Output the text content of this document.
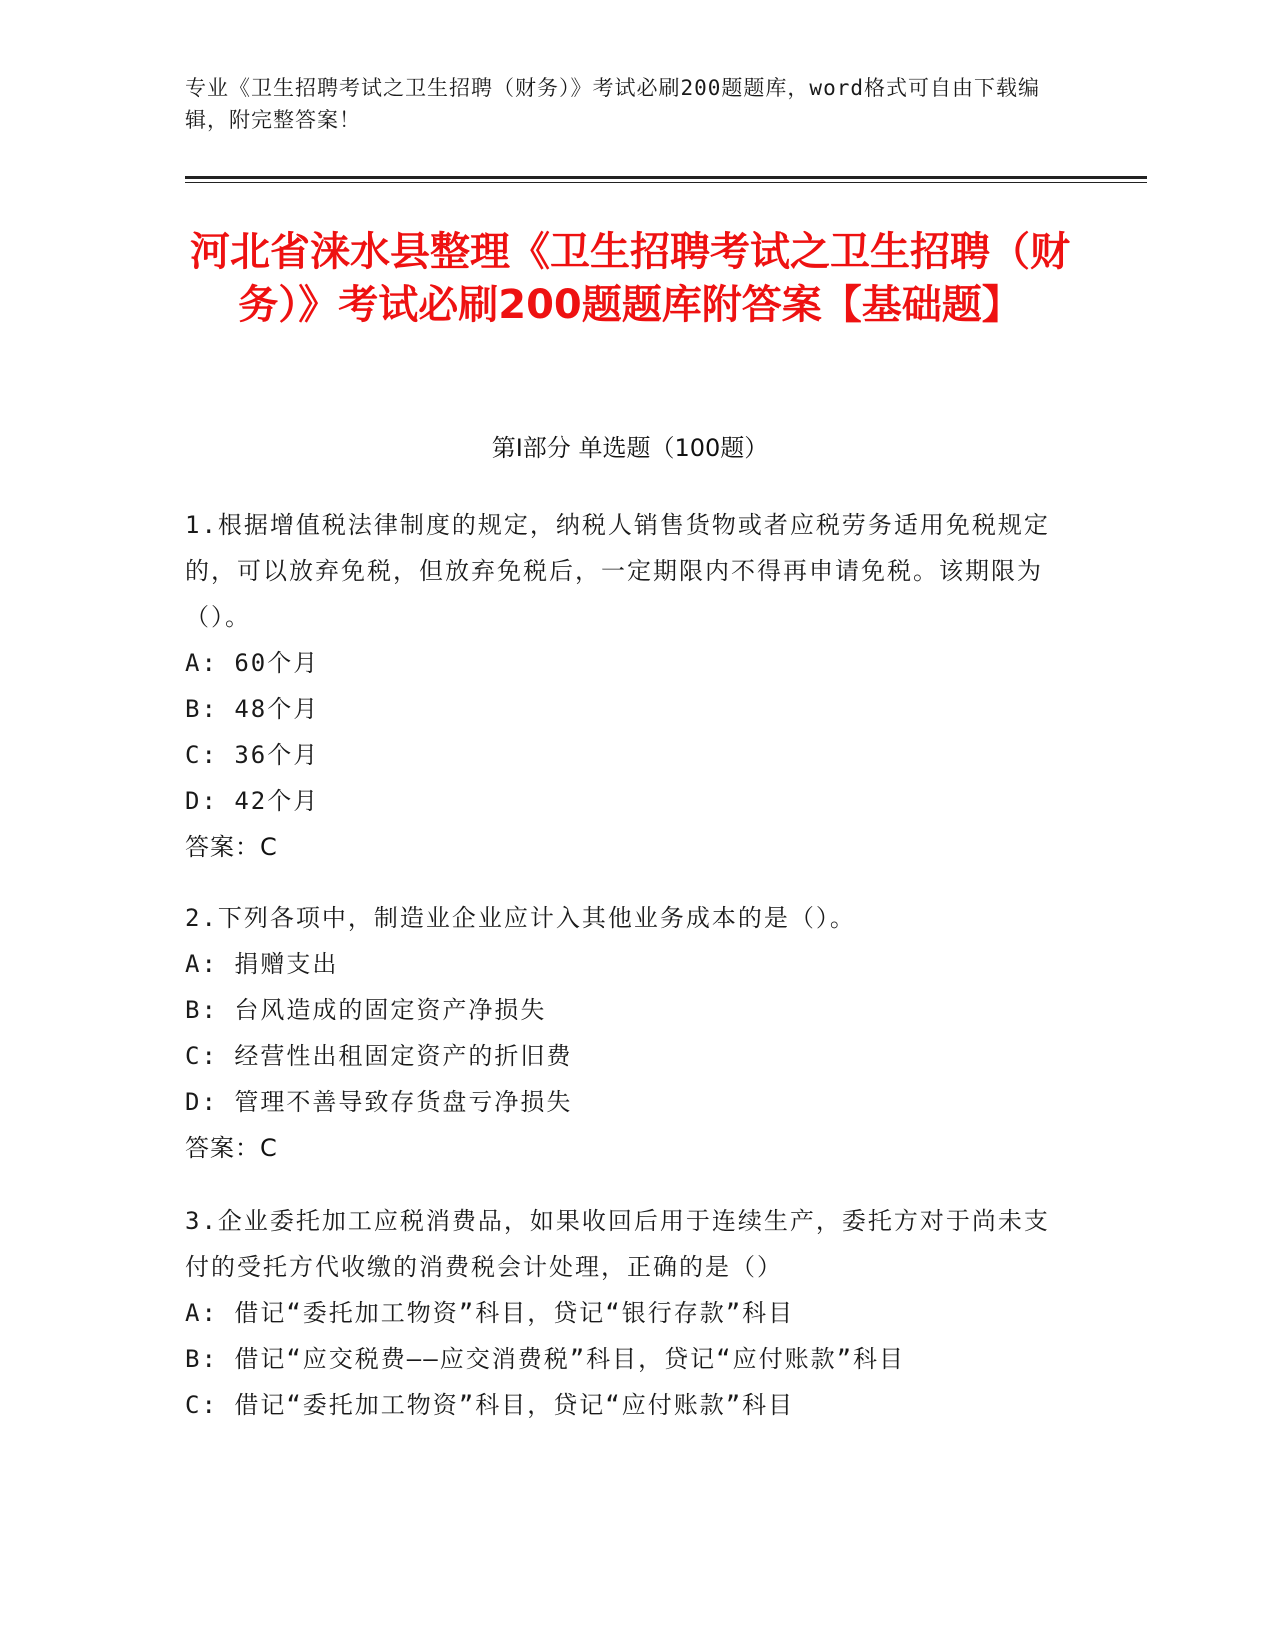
专业《卫生招聘考试之卫生招聘（财务）》考试必刷200题题库，word格式可自由下载编辑，附完整答案！
河北省涞水县整理《卫生招聘考试之卫生招聘（财务）》考试必刷200题题库附答案【基础题】
第I部分 单选题（100题）
1.根据增值税法律制度的规定，纳税人销售货物或者应税劳务适用免税规定的，可以放弃免税，但放弃免税后，一定期限内不得再申请免税。该期限为（）。
A: 60个月
B: 48个月
C: 36个月
D: 42个月
答案：C
2.下列各项中，制造业企业应计入其他业务成本的是（）。
A: 捐赠支出
B: 台风造成的固定资产净损失
C: 经营性出租固定资产的折旧费
D: 管理不善导致存货盘亏净损失
答案：C
3.企业委托加工应税消费品，如果收回后用于连续生产，委托方对于尚未支付的受托方代收缴的消费税会计处理，正确的是（）
A: 借记“委托加工物资”科目，贷记“银行存款”科目
B: 借记“应交税费——应交消费税”科目，贷记“应付账款”科目
C: 借记“委托加工物资”科目，贷记“应付账款”科目
